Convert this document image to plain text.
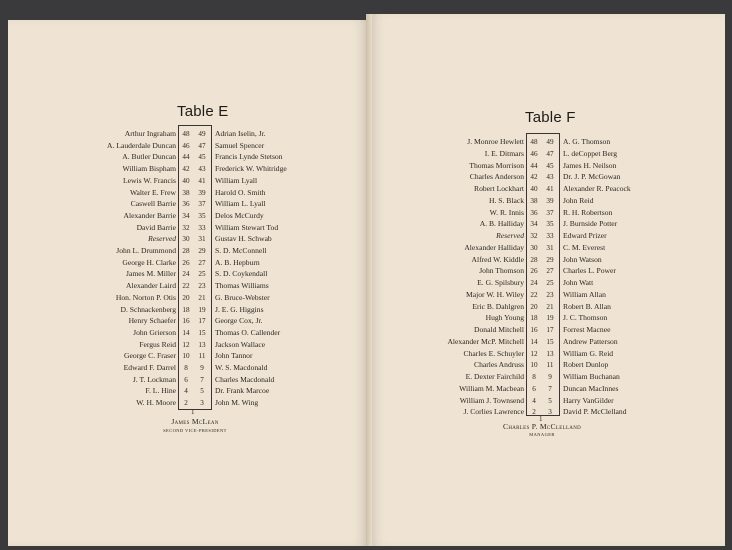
Table E
Arthur Ingraham 48	49	Adrian Iselin, Jr.
A. Lauderdale Duncan 46	47	Samuel Spencer
A. Butler Duncan 44	45	Francis Lynde Stetson
William Bispham 42	43	Frederick W. Whitridge
Lewis W. Francis 40	41	William Lyall
Walter E. Frew 38	39	Harold O. Smith
Caswell Barrie 36	37	William L. Lyall
Alexander Barrie 34	35	Delos McCurdy
David Barrie 32	33	William Stewart Tod
Reserved 30	31	Gustav H. Schwab
John L. Drummond 28	29	S. D. McConnell
George H. Clarke 26	27	A. B. Hepburn
James M. Miller 24	25	S. D. Coykendall
Alexander Laird 22	23	Thomas Williams
Hon. Norton P. Otis 20	21	G. Bruce-Webster
D. Schnackenberg 18	19	J. E. G. Higgins
Henry Schaefer 16	17	George Cox, Jr.
John Grierson 14	15	Thomas O. Callender
Fergus Reid 12	13	Jackson Wallace
George C. Fraser 10	11	John Tannor
Edward F. Darrel	8	9	W. S. Macdonald
J. T. Lockman	6	7	Charles Macdonald
F. L. Hine	4	5	Dr. Frank Marcoe
W. H. Moore	2	3	John M. Wing
1
James McLean
SECOND VICE-PRESIDENT
Table F
J. Monroe Hewlett 48	49	A. G. Thomson
I. E. Ditmars 46	47	L. deCoppet Berg
Thomas Morrison 44	45	James H. Neilson
Charles Anderson 42	43	Dr. J. P. McGowan
Robert Lockhart 40	41	Alexander R. Peacock
H. S. Black 38	39	John Reid
W. R. Innis 36	37	R. H. Robertson
A. B. Halliday 34	35	J. Burnside Potter
Reserved 32	33	Edward Prizer
Alexander Halliday 30	31	C. M. Everest
Alfred W. Kiddle 28	29	John Watson
John Thomson 26	27	Charles L. Power
E. G. Spilsbury 24	25	John Watt
Major W. H. Wiley 22	23	William Allan
Eric B. Dahlgren 20	21	Robert B. Allan
Hugh Young 18	19	J. C. Thomson
Donald Mitchell 16	17	Forrest Macnee
Alexander McP. Mitchell 14	15	Andrew Patterson
Charles E. Schuyler 12	13	William G. Reid
Charles Andruss 10	11	Robert Dunlop
E. Dexter Fairchild	8	9	William Buchanan
William M. Macbean	6	7	Duncan MacInnes
William J. Townsend	4	5	Harry VanGilder
J. Corlies Lawrence	2	3	David P. McClelland
1
Charles P. McClelland
MANAGER
